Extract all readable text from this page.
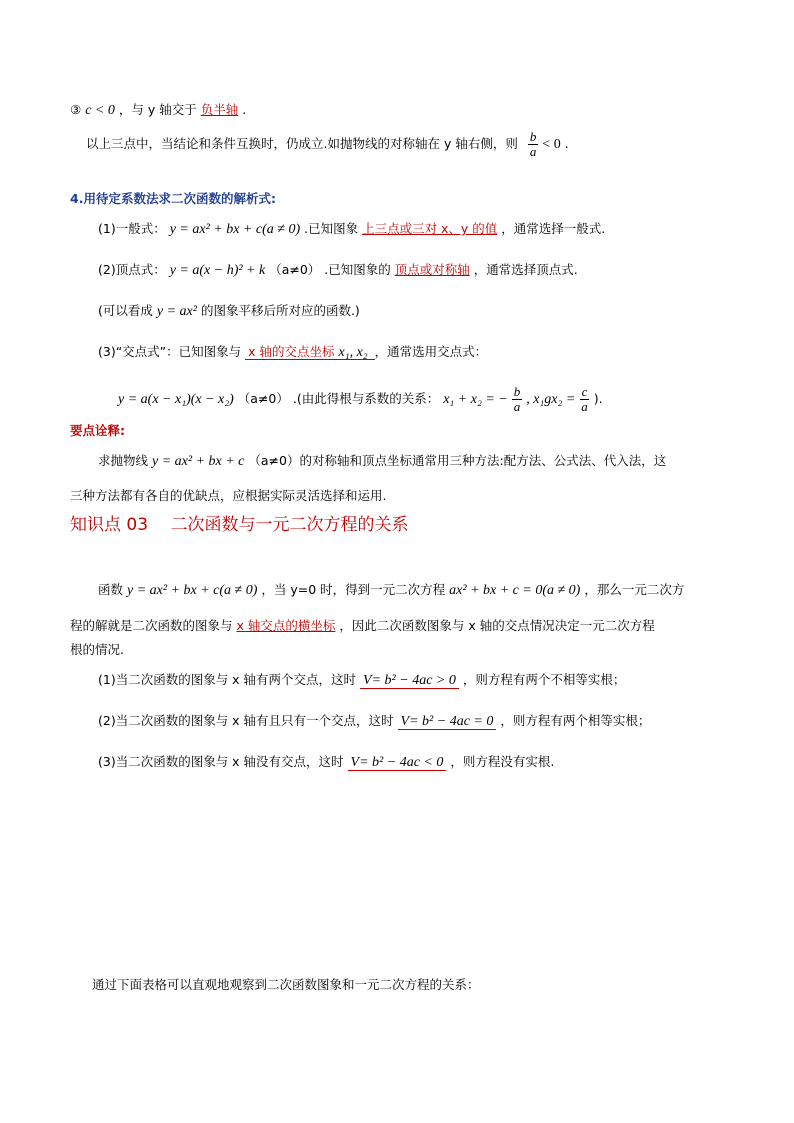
③ c < 0 ，与 y 轴交于 负半轴 .
以上三点中，当结论和条件互换时，仍成立.如抛物线的对称轴在 y 轴右侧，则 $\frac{b}{a} < 0$ .
4.用待定系数法求二次函数的解析式:
(1)一般式： y = ax² + bx + c(a ≠ 0) .已知图象 上三点或三对 x、y 的值 ，通常选择一般式.
(2)顶点式： y = a(x − h)² + k （a≠0） .已知图象的 顶点或对称轴 ，通常选择顶点式.
(可以看成 y = ax² 的图象平移后所对应的函数.)
(3)“交点式”：已知图象与 x 轴的交点坐标 x₁, x₂ ，通常选用交点式：
y = a(x − x₁)(x − x₂) （a≠0） .(由此得根与系数的关系： x₁ + x₂ = − $\frac{b}{a}$ , $x_1gx_2 = \frac{c}{a}$ ).
要点诠释:
求抛物线 y = ax² + bx + c （a≠0）的对称轴和顶点坐标通常用三种方法:配方法、公式法、代入法，这
三种方法都有各自的优缺点，应根据实际灵活选择和运用.
知识点 03　 二次函数与一元二次方程的关系
函数 y = ax² + bx + c(a ≠ 0) ，当 y=0 时，得到一元二次方程 ax² + bx + c = 0(a ≠ 0) ，那么一元二次方
程的解就是二次函数的图象与 x 轴交点的横坐标 ，因此二次函数图象与 x 轴的交点情况决定一元二次方程
根的情况.
(1)当二次函数的图象与 x 轴有两个交点，这时 V= b² − 4ac > 0 ，则方程有两个不相等实根；
(2)当二次函数的图象与 x 轴有且只有一个交点，这时 V= b² − 4ac = 0 ，则方程有两个相等实根；
(3)当二次函数的图象与 x 轴没有交点，这时 V= b² − 4ac < 0 ，则方程没有实根.
通过下面表格可以直观地观察到二次函数图象和一元二次方程的关系：
